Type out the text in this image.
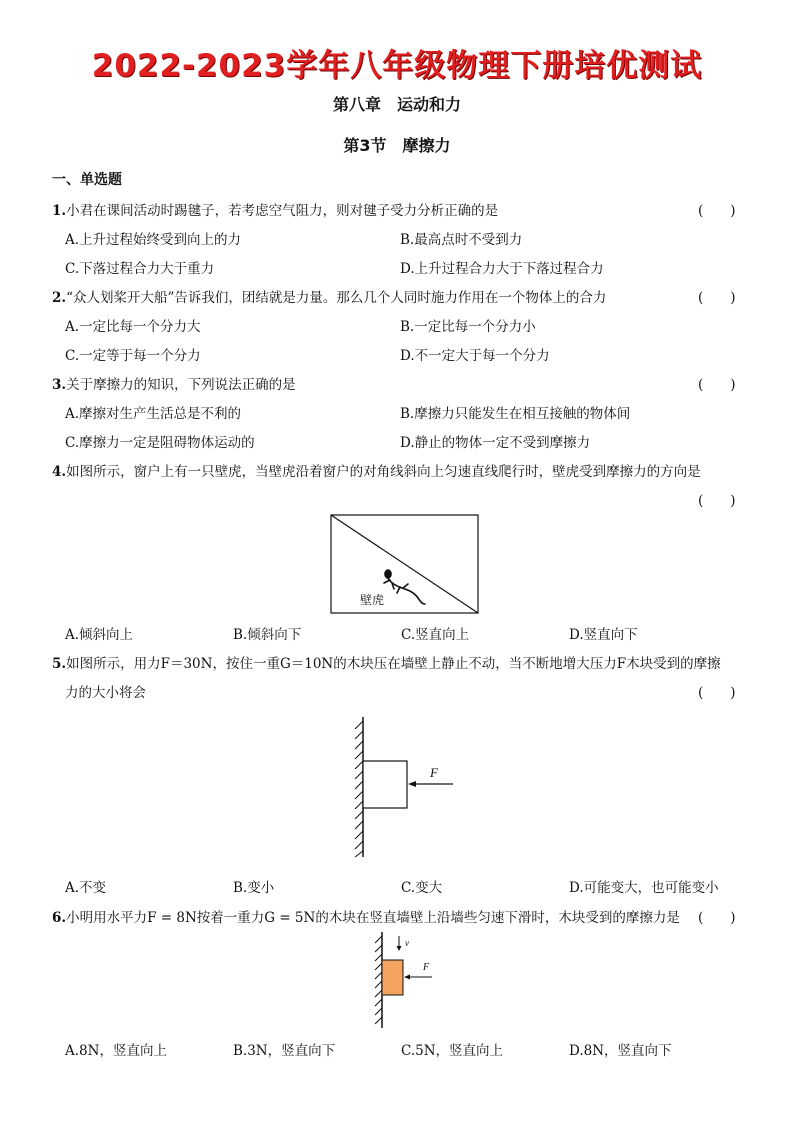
2022-2023学年八年级物理下册培优测试
第八章　运动和力
第3节　摩擦力
一、单选题
1.小君在课间活动时踢毽子，若考虑空气阻力，则对毽子受力分析正确的是	(　　)
A.上升过程始终受到向上的力	B.最高点时不受到力
C.下落过程合力大于重力	D.上升过程合力大于下落过程合力
2.“众人划桨开大船”告诉我们，团结就是力量。那么几个人同时施力作用在一个物体上的合力	(　　)
A.一定比每一个分力大	B.一定比每一个分力小
C.一定等于每一个分力	D.不一定大于每一个分力
3.关于摩擦力的知识，下列说法正确的是	(　　)
A.摩擦对生产生活总是不利的	B.摩擦力只能发生在相互接触的物体间
C.摩擦力一定是阻碍物体运动的	D.静止的物体一定不受到摩擦力
4.如图所示，窗户上有一只壁虎，当壁虎沿着窗户的对角线斜向上匀速直线爬行时，壁虎受到摩擦力的方向是
(　　)
壁虎
A.倾斜向上	B.倾斜向下	C.竖直向上	D.竖直向下
5.如图所示，用力F＝30N，按住一重G＝10N的木块压在墙壁上静止不动，当不断地增大压力F木块受到的摩擦
力的大小将会	(　　)
F
A.不变	B.变小	C.变大	D.可能变大，也可能变小
6.小明用水平力F = 8N按着一重力G = 5N的木块在竖直墙壁上沿墙些匀速下滑时，木块受到的摩擦力是 (　　)
v
F
A.8N，竖直向上	B.3N，竖直向下	C.5N，竖直向上	D.8N，竖直向下
